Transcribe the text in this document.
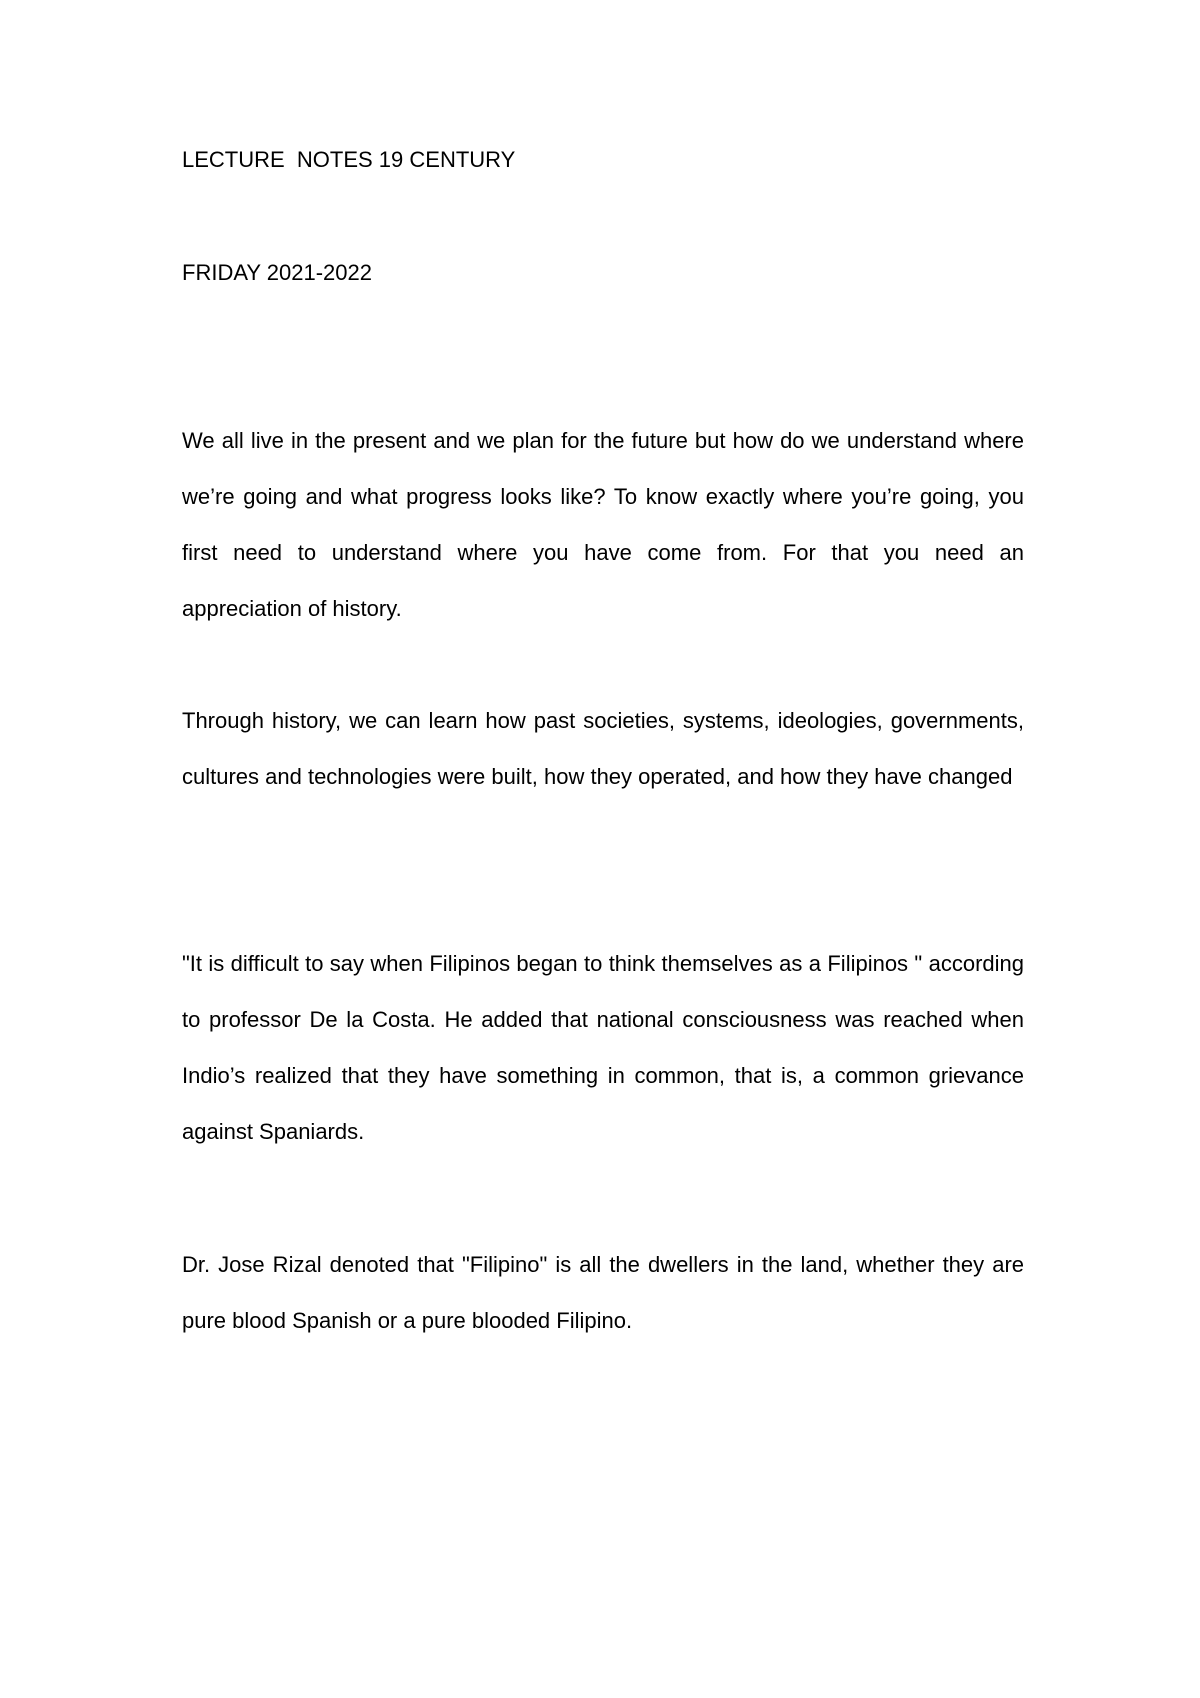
LECTURE  NOTES 19 CENTURY

FRIDAY 2021-2022

We all live in the present and we plan for the future but how do we understand where we’re going and what progress looks like? To know exactly where you’re going, you first need to understand where you have come from. For that you need an appreciation of history.

Through history, we can learn how past societies, systems, ideologies, governments, cultures and technologies were built, how they operated, and how they have changed

"It is difficult to say when Filipinos began to think themselves as a Filipinos " according to professor De la Costa. He added that national consciousness was reached when Indio’s realized that they have something in common, that is, a common grievance against Spaniards.

Dr. Jose Rizal denoted that "Filipino" is all the dwellers in the land, whether they are pure blood Spanish or a pure blooded Filipino.
